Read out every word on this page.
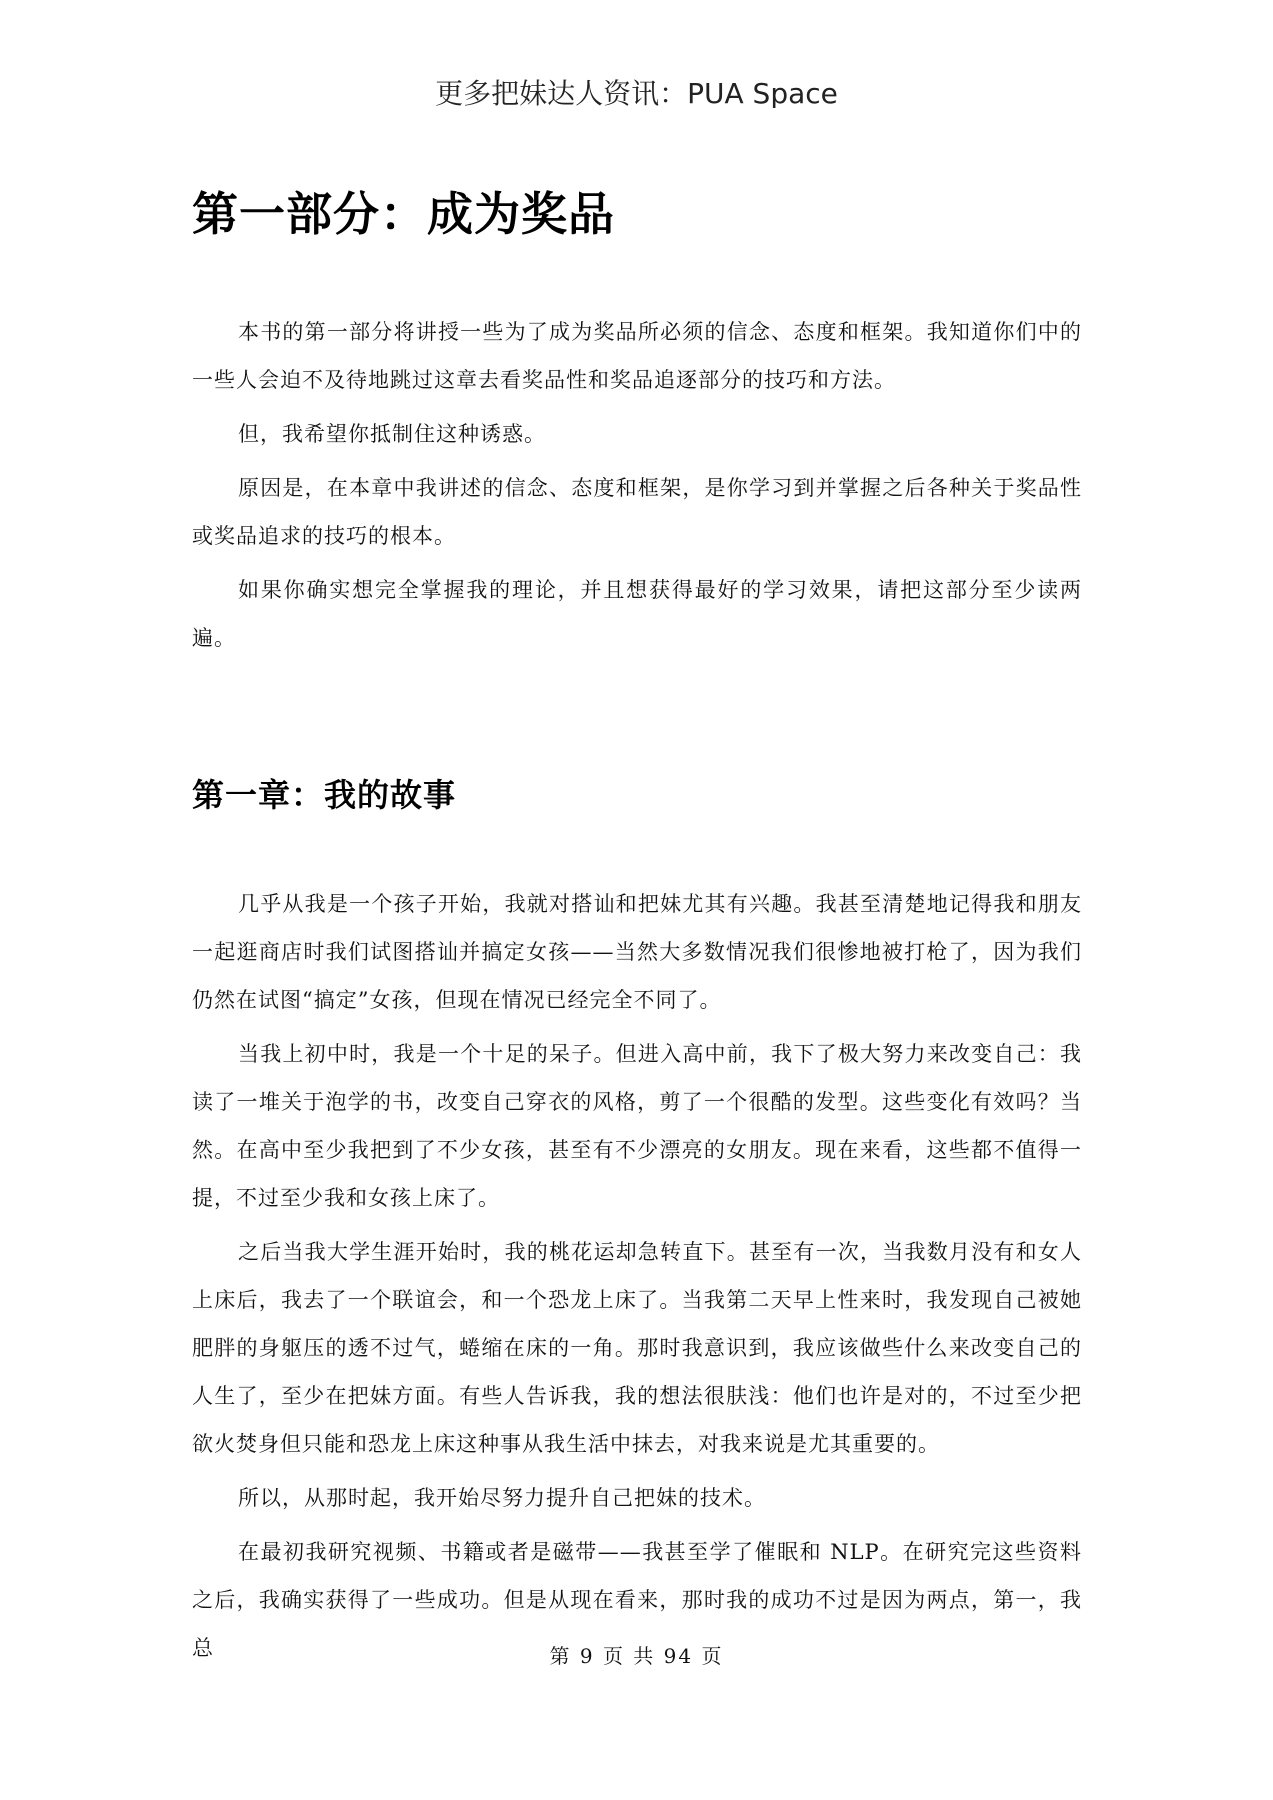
更多把妹达人资讯：PUA Space
第一部分：成为奖品

本书的第一部分将讲授一些为了成为奖品所必须的信念、态度和框架。我知道你们中的一些人会迫不及待地跳过这章去看奖品性和奖品追逐部分的技巧和方法。

但，我希望你抵制住这种诱惑。

原因是，在本章中我讲述的信念、态度和框架，是你学习到并掌握之后各种关于奖品性或奖品追求的技巧的根本。

如果你确实想完全掌握我的理论，并且想获得最好的学习效果，请把这部分至少读两遍。

第一章：我的故事

几乎从我是一个孩子开始，我就对搭讪和把妹尤其有兴趣。我甚至清楚地记得我和朋友一起逛商店时我们试图搭讪并搞定女孩——当然大多数情况我们很惨地被打枪了，因为我们仍然在试图“搞定”女孩，但现在情况已经完全不同了。

当我上初中时，我是一个十足的呆子。但进入高中前，我下了极大努力来改变自己：我读了一堆关于泡学的书，改变自己穿衣的风格，剪了一个很酷的发型。这些变化有效吗？当然。在高中至少我把到了不少女孩，甚至有不少漂亮的女朋友。现在来看，这些都不值得一提，不过至少我和女孩上床了。

之后当我大学生涯开始时，我的桃花运却急转直下。甚至有一次，当我数月没有和女人上床后，我去了一个联谊会，和一个恐龙上床了。当我第二天早上性来时，我发现自己被她肥胖的身躯压的透不过气，蜷缩在床的一角。那时我意识到，我应该做些什么来改变自己的人生了，至少在把妹方面。有些人告诉我，我的想法很肤浅：他们也许是对的，不过至少把欲火焚身但只能和恐龙上床这种事从我生活中抹去，对我来说是尤其重要的。

所以，从那时起，我开始尽努力提升自己把妹的技术。

在最初我研究视频、书籍或者是磁带——我甚至学了催眠和 NLP。在研究完这些资料之后，我确实获得了一些成功。但是从现在看来，那时我的成功不过是因为两点，第一，我总	第 9 页 共 94 页
